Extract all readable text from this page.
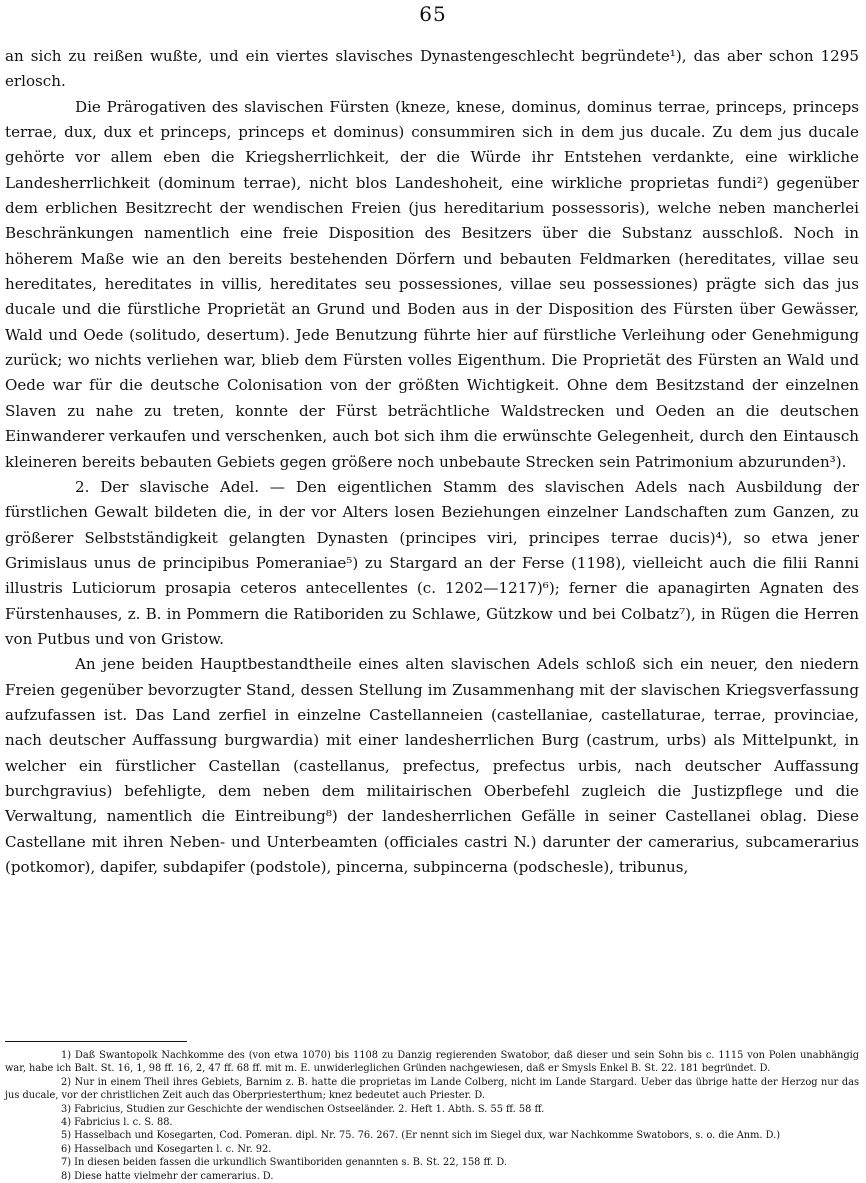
65

an sich zu reißen wußte, und ein viertes slavisches Dynastengeschlecht begründete¹), das aber schon 1295 erlosch.

Die Prärogativen des slavischen Fürsten (kneze, knese, dominus, dominus terrae, princeps, princeps terrae, dux, dux et princeps, princeps et dominus) consummiren sich in dem jus ducale. Zu dem jus ducale gehörte vor allem eben die Kriegsherrlichkeit, der die Würde ihr Entstehen verdankte, eine wirkliche Landesherrlichkeit (dominum terrae), nicht blos Landeshoheit, eine wirkliche proprietas fundi²) gegenüber dem erblichen Besitzrecht der wendischen Freien (jus hereditarium possessoris), welche neben mancherlei Beschränkungen namentlich eine freie Disposition des Besitzers über die Substanz ausschloß. Noch in höherem Maße wie an den bereits bestehenden Dörfern und bebauten Feldmarken (hereditates, villae seu hereditates, hereditates in villis, hereditates seu possessiones, villae seu possessiones) prägte sich das jus ducale und die fürstliche Proprietät an Grund und Boden aus in der Disposition des Fürsten über Gewässer, Wald und Oede (solitudo, desertum). Jede Benutzung führte hier auf fürstliche Verleihung oder Genehmigung zurück; wo nichts verliehen war, blieb dem Fürsten volles Eigenthum. Die Proprietät des Fürsten an Wald und Oede war für die deutsche Colonisation von der größten Wichtigkeit. Ohne dem Besitzstand der einzelnen Slaven zu nahe zu treten, konnte der Fürst beträchtliche Waldstrecken und Oeden an die deutschen Einwanderer verkaufen und verschenken, auch bot sich ihm die erwünschte Gelegenheit, durch den Eintausch kleineren bereits bebauten Gebiets gegen größere noch unbebaute Strecken sein Patrimonium abzurunden³).

2. Der slavische Adel. — Den eigentlichen Stamm des slavischen Adels nach Ausbildung der fürstlichen Gewalt bildeten die, in der vor Alters losen Beziehungen einzelner Landschaften zum Ganzen, zu größerer Selbstständigkeit gelangten Dynasten (principes viri, principes terrae ducis)⁴), so etwa jener Grimislaus unus de principibus Pomeraniae⁵) zu Stargard an der Ferse (1198), vielleicht auch die filii Ranni illustris Luticiorum prosapia ceteros antecellentes (c. 1202—1217)⁶); ferner die apanagirten Agnaten des Fürstenhauses, z. B. in Pommern die Ratiboriden zu Schlawe, Gützkow und bei Colbatz⁷), in Rügen die Herren von Putbus und von Gristow.

An jene beiden Hauptbestandtheile eines alten slavischen Adels schloß sich ein neuer, den niedern Freien gegenüber bevorzugter Stand, dessen Stellung im Zusammenhang mit der slavischen Kriegsverfassung aufzufassen ist. Das Land zerfiel in einzelne Castellanneien (castellaniae, castellaturae, terrae, provinciae, nach deutscher Auffassung burgwardia) mit einer landesherrlichen Burg (castrum, urbs) als Mittelpunkt, in welcher ein fürstlicher Castellan (castellanus, prefectus, prefectus urbis, nach deutscher Auffassung burchgravius) befehligte, dem neben dem militairischen Oberbefehl zugleich die Justizpflege und die Verwaltung, namentlich die Eintreibung⁸) der landesherrlichen Gefälle in seiner Castellanei oblag. Diese Castellane mit ihren Neben- und Unterbeamten (officiales castri N.) darunter der camerarius, subcamerarius (potkomor), dapifer, subdapifer (podstole), pincerna, subpincerna (podschesle), tribunus,

1) Daß Swantopolk Nachkomme des (von etwa 1070) bis 1108 zu Danzig regierenden Swatobor, daß dieser und sein Sohn bis c. 1115 von Polen unabhängig war, habe ich Balt. St. 16, 1, 98 ff. 16, 2, 47 ff. 68 ff. mit m. E. unwiderleglichen Gründen nachgewiesen, daß er Smysls Enkel B. St. 22. 181 begründet. D.

2) Nur in einem Theil ihres Gebiets, Barnim z. B. hatte die proprietas im Lande Colberg, nicht im Lande Stargard. Ueber das übrige hatte der Herzog nur das jus ducale, vor der christlichen Zeit auch das Oberpriesterthum; knez bedeutet auch Priester. D.

3) Fabricius, Studien zur Geschichte der wendischen Ostseeländer. 2. Heft 1. Abth. S. 55 ff. 58 ff.

4) Fabricius l. c. S. 88.

5) Hasselbach und Kosegarten, Cod. Pomeran. dipl. Nr. 75. 76. 267. (Er nennt sich im Siegel dux, war Nachkomme Swatobors, s. o. die Anm. D.)

6) Hasselbach und Kosegarten l. c. Nr. 92.

7) In diesen beiden fassen die urkundlich Swantiboriden genannten s. B. St. 22, 158 ff. D.

8) Diese hatte vielmehr der camerarius. D.
